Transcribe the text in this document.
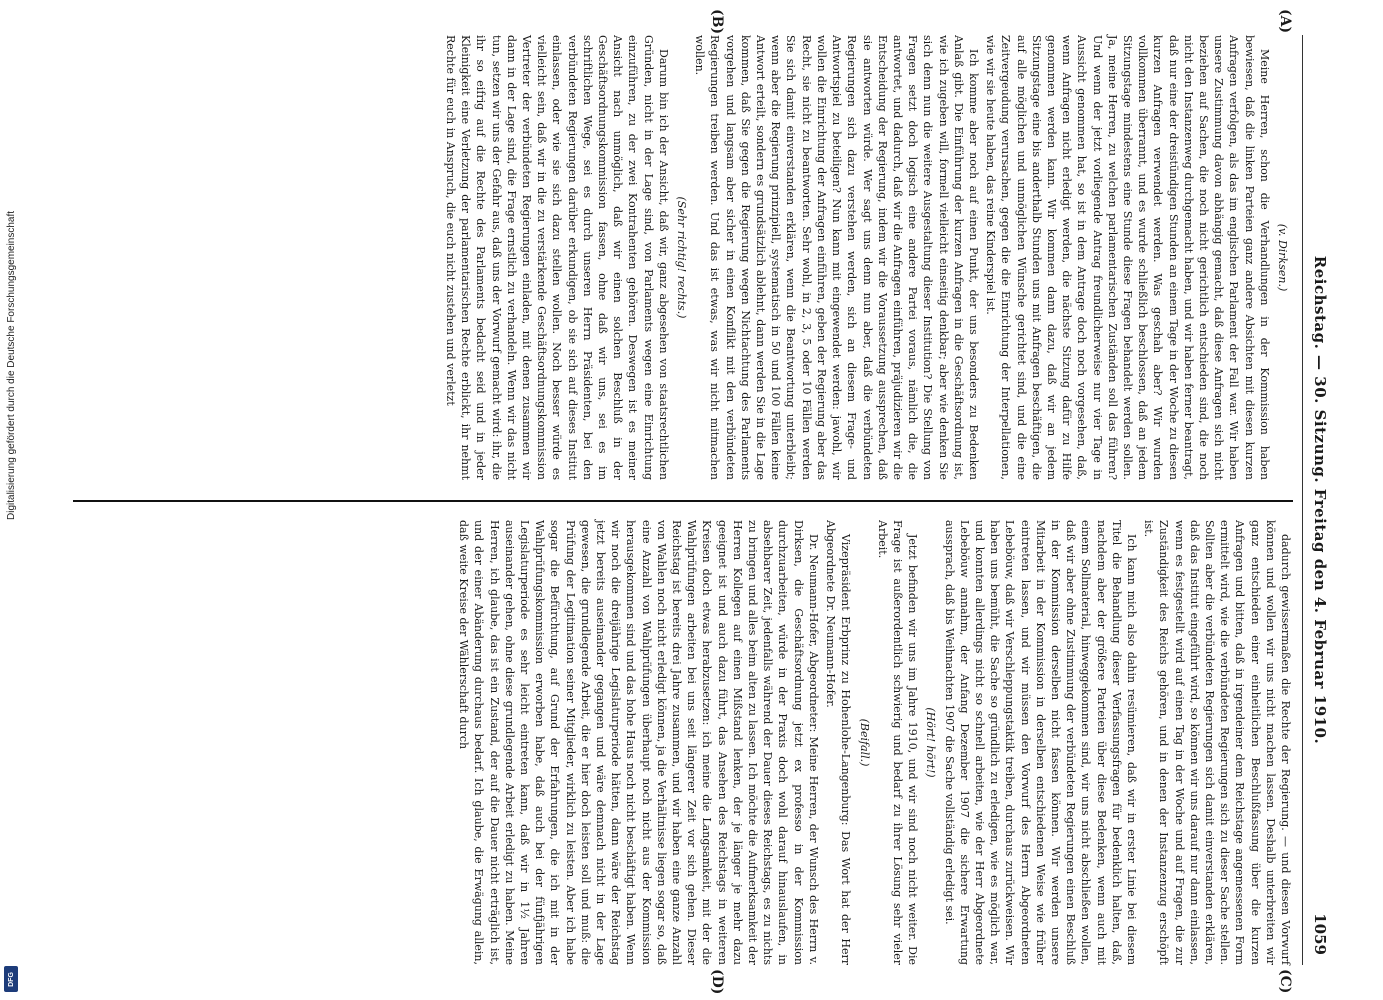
Reichstag. — 30. Sitzung. Freitag den 4. Februar 1910.
1059
(A)
(B)
(C)
(D)
(v. Dirksen.)

Meine Herren, schon die Verhandlungen in der Kommission haben bewiesen, daß die linken Parteien ganz andere Absichten mit diesen kurzen Anfragen verfolgen, als das im englischen Parlament der Fall war. Wir haben unsere Zustimmung davon abhängig gemacht, daß diese Anfragen sich nicht beziehen auf Sachen, die noch nicht gerichtlich entschieden sind, die noch nicht den Instanzenweg durchgemacht haben, und wir haben ferner beantragt, daß nur eine der dreistündigen Stunden an einem Tage in der Woche zu diesen kurzen Anfragen verwendet werden. Was geschah aber? Wir wurden vollkommen überrannt, und es wurde schließlich beschlossen, daß an jedem Sitzungstage mindestens eine Stunde diese Fragen behandelt werden sollen. Ja, meine Herren, zu welchen parlamentarischen Zuständen soll das führen? Und wenn der jetzt vorliegende Antrag freundlicherweise nur vier Tage in Aussicht genommen hat, so ist in dem Antrage doch noch vorgesehen, daß, wenn Anfragen nicht erledigt werden, die nächste Sitzung dafür zu Hilfe genommen werden kann. Wir kommen dann dazu, daß wir an jedem Sitzungstage eine bis anderthalb Stunden uns mit Anfragen beschäftigen, die auf alle möglichen und unmöglichen Wünsche gerichtet sind, und die eine Zeitvergeudung verursachen, gegen die die Einrichtung der Interpellationen, wie wir sie heute haben, das reine Kinderspiel ist.

Ich komme aber noch auf einen Punkt, der uns besonders zu Bedenken Anlaß gibt. Die Einführung der kurzen Anfragen in die Geschäftsordnung ist, wie ich zugeben will, formell vielleicht einseitig denkbar; aber wie denken Sie sich denn nun die weitere Ausgestaltung dieser Institution? Die Stellung von Fragen setzt doch logisch eine andere Partei voraus, nämlich die, die antwortet, und dadurch, daß wir die Anfragen einführen, präjudizieren wir die Entscheidung der Regierung, indem wir die Voraussetzung aussprechen, daß sie antworten würde. Wer sagt uns denn nun aber, daß die verbündeten Regierungen sich dazu verstehen werden, sich an diesem Frage- und Antwortspiel zu beteiligen? Nun kann mit eingewendet werden: jawohl, wir wollen die Einrichtung der Anfragen einführen, geben der Regierung aber das Recht, sie nicht zu beantworten. Sehr wohl, in 2, 3, 5 oder 10 Fällen werden Sie sich damit einverstanden erklären, wenn die Beantwortung unterbleibt; wenn aber die Regierung prinzipiell, systematisch in 50 und 100 Fällen keine Antwort erteilt, sondern es grundsätzlich ablehnt, dann werden Sie in die Lage kommen, daß Sie gegen die Regierung wegen Nichtachtung des Parlaments vorgehen und langsam aber sicher in einen Konflikt mit den verbündeten Regierungen treiben werden. Und das ist etwas, was wir nicht mitmachen wollen.

(Sehr richtig! rechts.)

Darum bin ich der Ansicht, daß wir, ganz abgesehen von staatsrechtlichen Gründen, nicht in der Lage sind, von Parlaments wegen eine Einrichtung einzuführen, zu der zwei Kontrahenten gehören. Deswegen ist es meiner Ansicht nach unmöglich, daß wir einen solchen Beschluß in der Geschäftsordnungskommission fassen, ohne daß wir uns, sei es im schriftlichen Wege, sei es durch unseren Herrn Präsidenten, bei den verbündeten Regierungen darüber erkundigen, ob sie sich auf dieses Institut einlassen, oder wie sie sich dazu stellen wollen. Noch besser würde es vielleicht sein, daß wir in die zu verstärkende Geschäftsordnungskommission Vertreter der verbündeten Regierungen einladen, mit denen zusammen wir dann in der Lage sind, die Frage ernstlich zu verhandeln. Wenn wir das nicht tun, setzen wir uns der Gefahr aus, daß uns der Vorwurf gemacht wird: ihr, die ihr so eifrig auf die Rechte des Parlaments bedacht seid und in jeder Kleinigkeit eine Verletzung der parlamentarischen Rechte erblickt, ihr nehmt Rechte für euch in Anspruch, die euch nicht zustehen und verletzt

dadurch gewissermaßen die Rechte der Regierung. — und diesen Vorwurf können und wollen wir uns nicht machen lassen. Deshalb unterbreiten wir ganz entschieden einer einheitlichen Beschlußfassung über die kurzen Anfragen und bitten, daß in irgendeiner dem Reichstage angemessenen Form ermittelt wird, wie die verbündeten Regierungen sich zu dieser Sache stellen. Sollten aber die verbündeten Regierungen sich damit einverstanden erklären, daß das Institut eingeführt wird, so können wir uns darauf nur dann einlassen, wenn es festgestellt wird auf einen Tag in der Woche und auf Fragen, die zur Zuständigkeit des Reichs gehören, und in denen der Instanzenzug erschöpft ist.

Ich kann mich also dahin resümieren, daß wir in erster Linie bei diesem Titel die Behandlung dieser Verfassungsfragen für bedenklich halten, daß, nachdem aber der größere Parteien über diese Bedenken, wenn auch mit einem Sollmaterial, hinweggekommen sind, wir uns nicht abschließen wollen, daß wir aber ohne Zustimmung der verbündeten Regierungen einen Beschluß in der Kommission derselben nicht fassen können. Wir werden unsere Mitarbeit in der Kommission in derselben entschiedenen Weise wie früher eintreten lassen, und wir müssen den Vorwurf des Herrn Abgeordneten Lebeböuw, daß wir Verschleppungstaktik treiben, durchaus zurückweisen. Wir haben uns bemüht, die Sache so gründlich zu erledigen, wie es möglich war, und konnten allerdings nicht so schnell arbeiten, wie der Herr Abgeordnete Lebeböuw annahm, der Anfang Dezember 1907 die sichere Erwartung aussprach, daß bis Weihnachten 1907 die Sache vollständig erledigt sei.

(Hört! hört!)

Jetzt befinden wir uns im Jahre 1910, und wir sind noch nicht weiter. Die Frage ist außerordentlich schwierig und bedarf zu ihrer Lösung sehr vieler Arbeit.

(Beifall.)

Vizepräsident Erbprinz zu Hohenlohe-Langenburg: Das Wort hat der Herr Abgeordnete Dr. Neumann-Hofer.

Dr. Neumann-Hofer, Abgeordneter: Meine Herren, der Wunsch des Herrn v. Dirksen, die Geschäftsordnung jetzt ex professo in der Kommission durchzuarbeiten, würde in der Praxis doch wohl darauf hinauslaufen, in absehbarer Zeit, jedenfalls während der Dauer dieses Reichstags, es zu nichts zu bringen und alles beim alten zu lassen. Ich möchte die Aufmerksamkeit der Herren Kollegen auf einen Mißstand lenken, der je länger je mehr dazu geeignet ist und auch dazu führt, das Ansehen des Reichstags in weiteren Kreisen doch etwas herabzusetzen: ich meine die Langsamkeit, mit der die Wahlprüfungen arbeiten bei uns seit längerer Zeit vor sich gehen. Dieser Reichstag ist bereits drei Jahre zusammen, und wir haben eine ganze Anzahl von Wahlen noch nicht erledigt können, ja die Verhältnisse liegen sogar so, daß eine Anzahl von Wahlprüfungen überhaupt noch nicht aus der Kommission herausgekommen sind und das hohe Haus noch nicht beschäftigt haben. Wenn wir noch die dreijährige Legislaturperiode hätten, dann wäre der Reichstag jetzt bereits auseinander gegangen und wäre demnach nicht in der Lage gewesen, die grundlegende Arbeit, die er hier doch leisten soll und muß: die Prüfung der Legitimation seiner Mitglieder, wirklich zu leisten. Aber ich habe sogar die Befürchtung, auf Grund der Erfahrungen, die ich mit in der Wahlprüfungskommission erworben habe, daß auch bei der fünfjährigen Legislaturperiode es sehr leicht eintreten kann, daß wir in 1½ Jahren auseinander gehen, ohne diese grundlegende Arbeit erledigt zu haben. Meine Herren, ich glaube, das ist ein Zustand, der auf die Dauer nicht erträglich ist, und der einer Abänderung durchaus bedarf. Ich glaube, die Erwägung allein, daß weite Kreise der Wählerschaft durch

Digitalisierung gefördert durch die Deutsche Forschungsgemeinschaft
DFG
